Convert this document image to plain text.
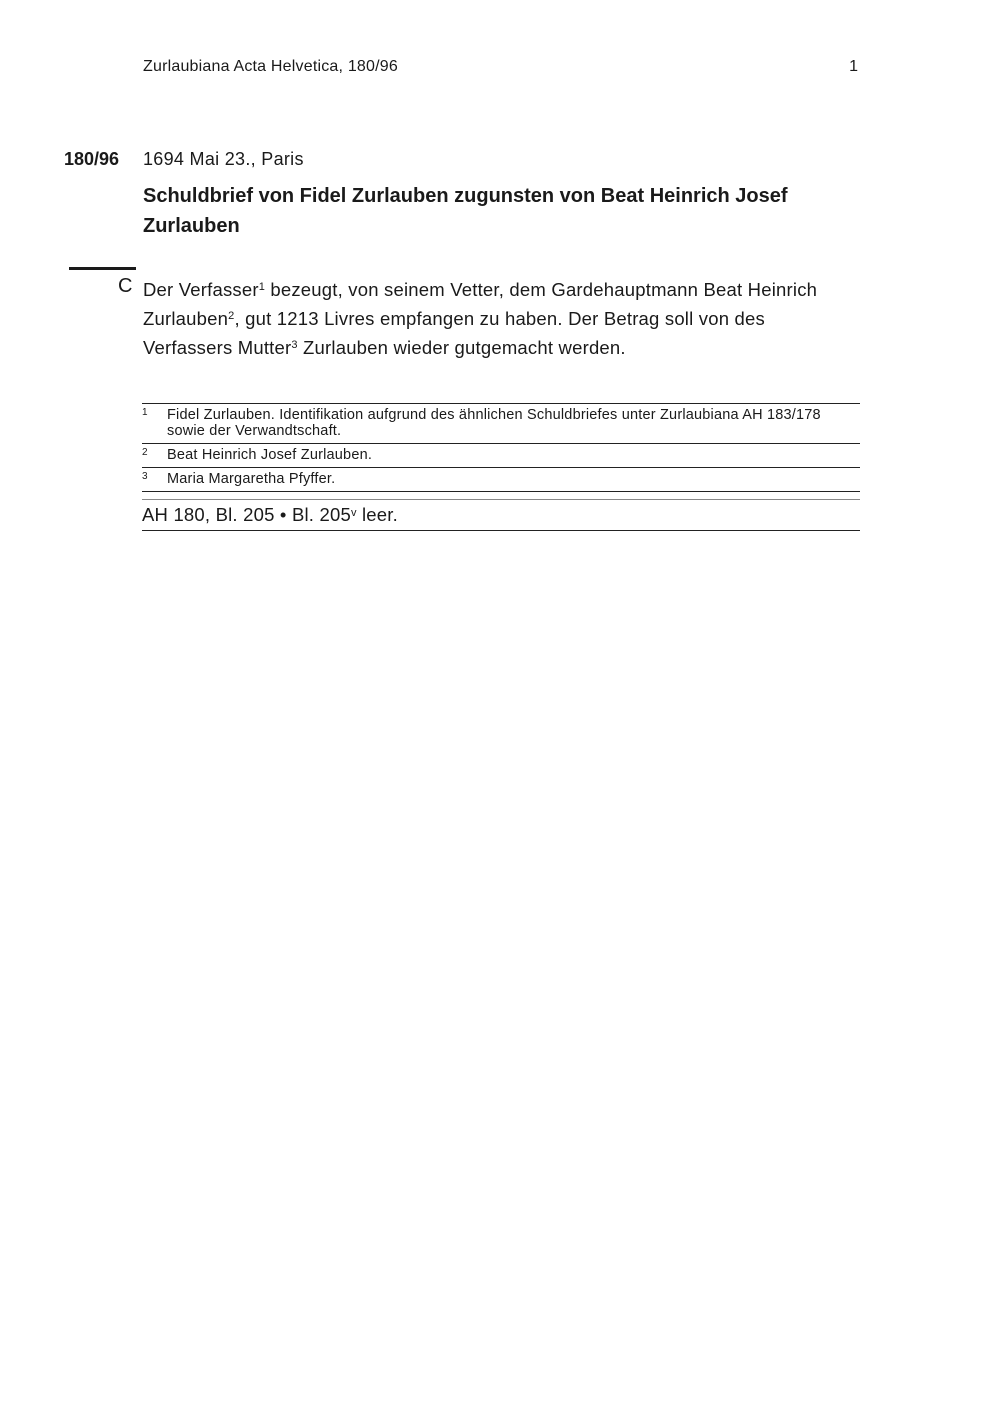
Zurlaubiana Acta Helvetica, 180/96	1
180/96 1694 Mai 23., Paris
Schuldbrief von Fidel Zurlauben zugunsten von Beat Heinrich Josef Zurlauben
C Der Verfasser$^1$ bezeugt, von seinem Vetter, dem Gardehauptmann Beat Heinrich Zurlauben$^2$, gut 1213 Livres empfangen zu haben. Der Betrag soll von des Verfassers Mutter$^3$ Zurlauben wieder gutgemacht werden.
1 Fidel Zurlauben. Identifikation aufgrund des ähnlichen Schuldbriefes unter Zurlaubiana AH 183/178 sowie der Verwandtschaft.
2 Beat Heinrich Josef Zurlauben.
3 Maria Margaretha Pfyffer.
AH 180, Bl. 205 • Bl. 205$^v$ leer.
